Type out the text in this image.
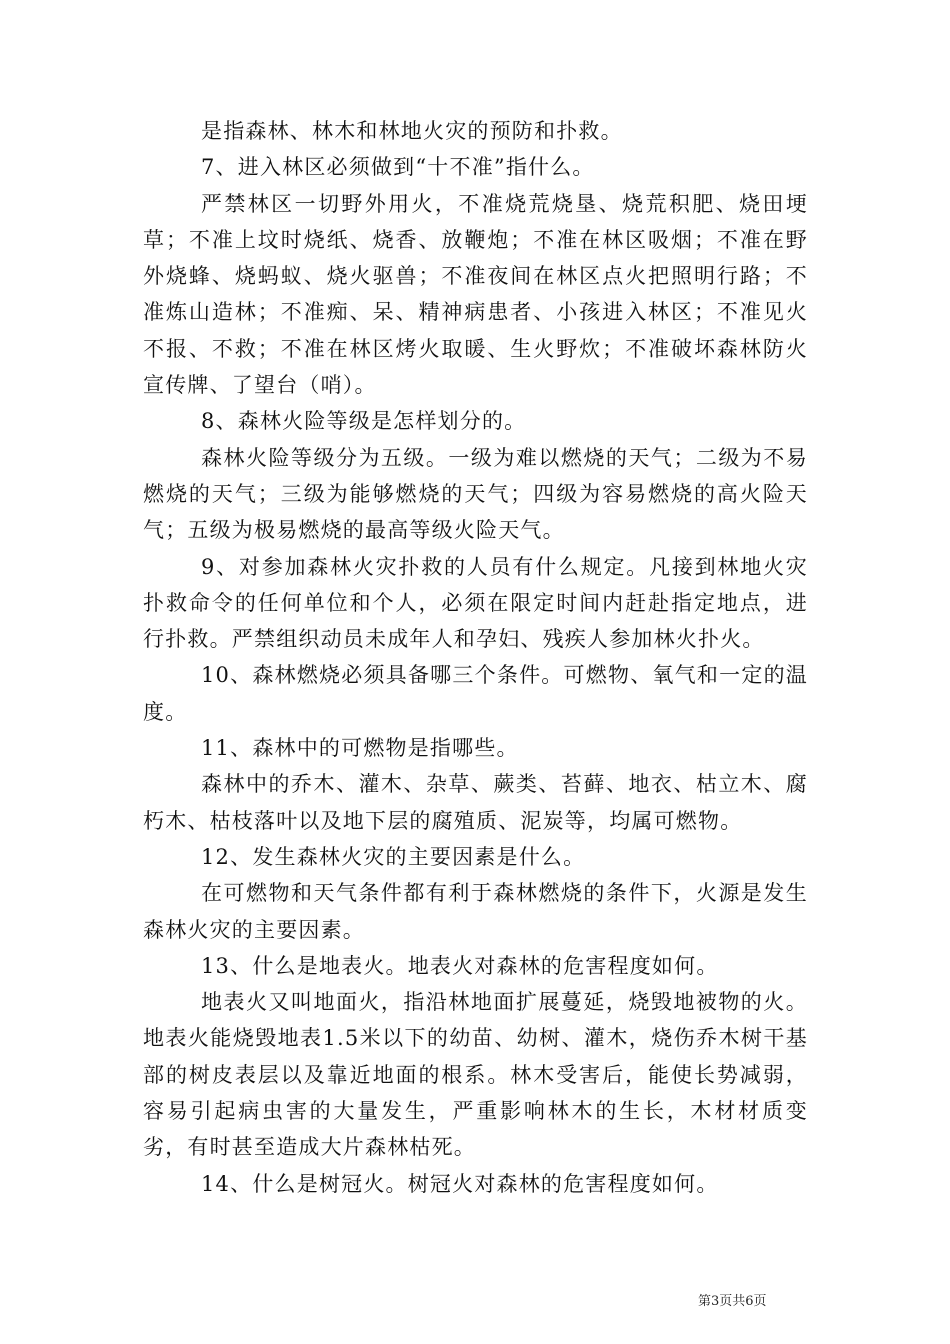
是指森林、林木和林地火灾的预防和扑救。

7、进入林区必须做到“十不准”指什么。

严禁林区一切野外用火，不准烧荒烧垦、烧荒积肥、烧田埂草；不准上坟时烧纸、烧香、放鞭炮；不准在林区吸烟；不准在野外烧蜂、烧蚂蚁、烧火驱兽；不准夜间在林区点火把照明行路；不准炼山造林；不准痴、呆、精神病患者、小孩进入林区；不准见火不报、不救；不准在林区烤火取暖、生火野炊；不准破坏森林防火宣传牌、了望台（哨）。

8、森林火险等级是怎样划分的。

森林火险等级分为五级。一级为难以燃烧的天气；二级为不易燃烧的天气；三级为能够燃烧的天气；四级为容易燃烧的高火险天气；五级为极易燃烧的最高等级火险天气。

9、对参加森林火灾扑救的人员有什么规定。凡接到林地火灾扑救命令的任何单位和个人，必须在限定时间内赶赴指定地点，进行扑救。严禁组织动员未成年人和孕妇、残疾人参加林火扑火。

10、森林燃烧必须具备哪三个条件。可燃物、氧气和一定的温度。

11、森林中的可燃物是指哪些。

森林中的乔木、灌木、杂草、蕨类、苔藓、地衣、枯立木、腐朽木、枯枝落叶以及地下层的腐殖质、泥炭等，均属可燃物。

12、发生森林火灾的主要因素是什么。

在可燃物和天气条件都有利于森林燃烧的条件下，火源是发生森林火灾的主要因素。

13、什么是地表火。地表火对森林的危害程度如何。

地表火又叫地面火，指沿林地面扩展蔓延，烧毁地被物的火。地表火能烧毁地表1.5米以下的幼苗、幼树、灌木，烧伤乔木树干基部的树皮表层以及靠近地面的根系。林木受害后，能使长势减弱，容易引起病虫害的大量发生，严重影响林木的生长，木材材质变劣，有时甚至造成大片森林枯死。

14、什么是树冠火。树冠火对森林的危害程度如何。

第3页共6页
